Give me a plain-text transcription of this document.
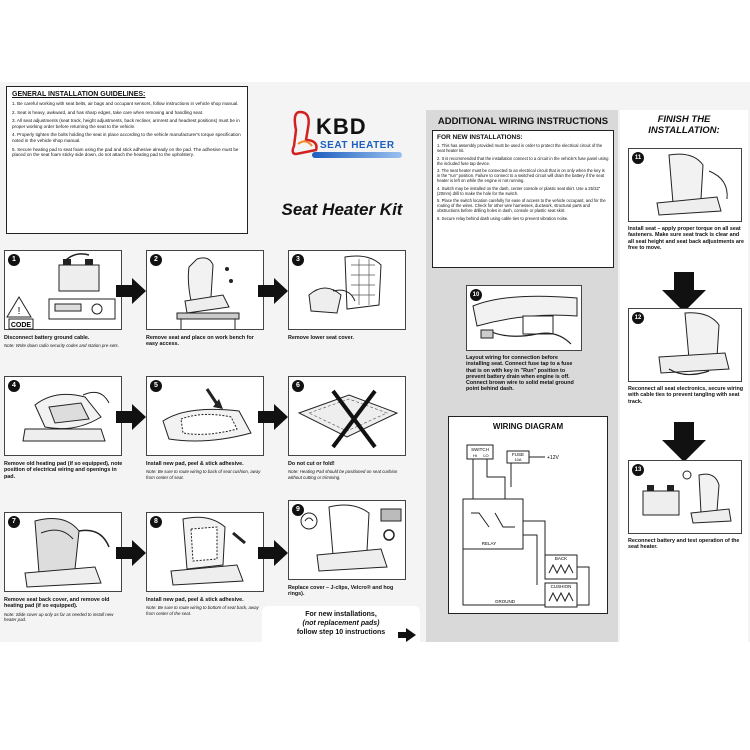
GENERAL INSTALLATION GUIDELINES:
1. Be careful working with seat belts, air bags and occupant sensors, follow instructions in vehicle shop manual.
2. Seat is heavy, awkward, and has sharp edges, take care when removing and handling seat.
3. All seat adjustments (seat track, height adjustments, back recliner, armrest and headrest positions) must be in proper working order before returning the seat to the vehicle.
4. Properly tighten the bolts holding the seat in place according to the vehicle manufacturer's torque specification noted in the vehicle shop manual.
5. Secure heating pad to seat foam using the pad and stick adhesive already on the pad. The adhesive must be placed on the seat foam sticky side down, do not attach the heating pad to the upholstery.
KBD
SEAT HEATER
Seat Heater Kit
!
CODE
1
Disconnect battery ground cable.
Note: Write down radio security codes and station pre-sets.
2
Remove seat and place on work bench for easy access.
3
Remove lower seat cover.
4
Remove old heating pad (if so equipped), note position of electrical wiring and openings in pad.
5
Install new pad, peel & stick adhesive.
Note: Be sure to route wiring to back of seat cushion, away from center of seat.
6
Do not cut or fold!
Note: Heating Pad should be positioned on seat cushion without cutting or trimming.
7
Remove seat back cover, and remove old heating pad (if so equipped).
Note: Slide cover up only as far as needed to install new heater pad.
8
Install new pad, peel & stick adhesive.
Note: Be sure to route wiring to bottom of seat back, away from center of the seat.
9
Replace cover – J-clips, Velcro® and hog rings).
For new installations,
(not replacement pads)
follow step 10 instructions
ADDITIONAL WIRING INSTRUCTIONS
FOR NEW INSTALLATIONS:
1. This has assembly provided must be used in order to protect the electrical circuit of the seat heater kit.
2. It is recommended that the installation connect to a circuit in the vehicle's fuse panel using the included fuse tap device.
3. The seat heater must be connected to an electrical circuit that is on only when the key is in the "run" position. Failure to connect to a switched circuit will drain the battery if the seat heater is left on while the engine is not running.
4. Switch may be installed on the dash, center console or plastic seat skirt. Use a 25/32" (20mm) drill to make the hole for the switch.
5. Place the switch location carefully for ease of access to the vehicle occupant, and for the routing of the wires. Check for other wire harnesses, ductwork, structural parts and obstructions before drilling holes in dash, console or plastic seat skirt.
6. Secure relay behind dash using cable ties to prevent vibration noise.
10
Layout wiring for connection before installing seat. Connect fuse tap to a fuse that is on with key in "Run" position to prevent battery drain when engine is off. Connect brown wire to solid metal ground point behind dash.
WIRING DIAGRAM
SWITCH
HI LO	FUSE
10A	+12V
RELAY
BACK
CUSHION
GROUND
FINISH THE INSTALLATION:
11
Install seat – apply proper torque on all seat fasteners. Make sure seat track is clear and all seat height and seat back adjustments are free to move.
12
Reconnect all seat electronics, secure wiring with cable ties to prevent tangling with seat track.
13
Reconnect battery and test operation of the seat heater.
